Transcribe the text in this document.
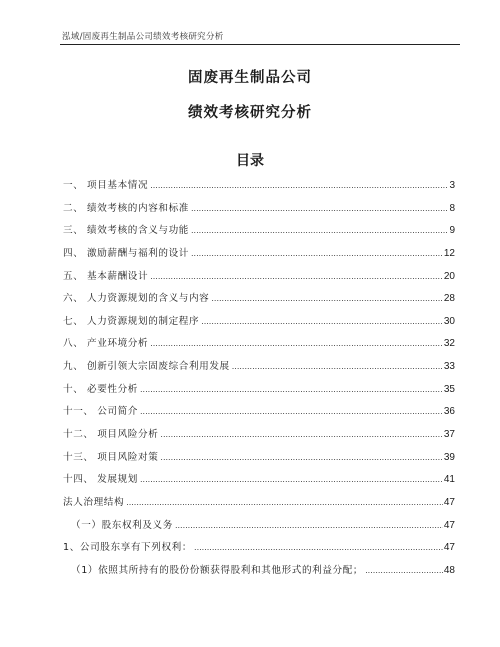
泓域/固废再生制品公司绩效考核研究分析
固废再生制品公司
绩效考核研究分析
目录
一、 项目基本情况 .....	3
二、 绩效考核的内容和标准 .....	8
三、 绩效考核的含义与功能 .....	9
四、 激励薪酬与福利的设计 .....	12
五、 基本薪酬设计 .....	20
六、 人力资源规划的含义与内容 .....	28
七、 人力资源规划的制定程序 .....	30
八、 产业环境分析 .....	32
九、 创新引领大宗固废综合利用发展 .....	33
十、 必要性分析 .....	35
十一、 公司简介 .....	36
十二、 项目风险分析 .....	37
十三、 项目风险对策 .....	39
十四、 发展规划 .....	41
法人治理结构 .....	47
（一）股东权利及义务 .....	47
1、公司股东享有下列权利： .....	47
（1）依照其所持有的股份份额获得股利和其他形式的利益分配； .....	48
